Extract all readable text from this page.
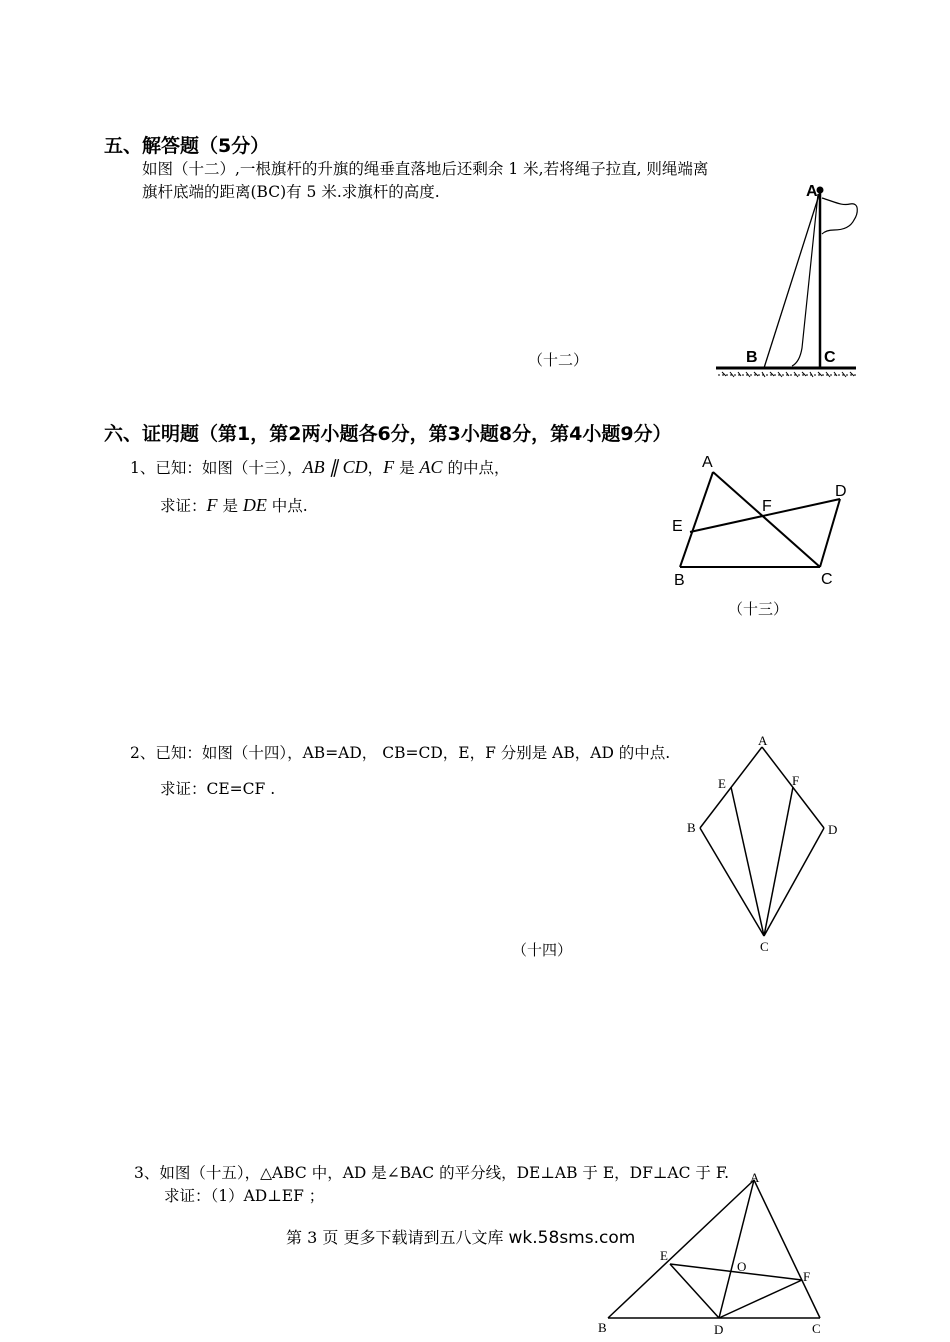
五、解答题（5分）
如图（十二）,一根旗杆的升旗的绳垂直落地后还剩余 1 米,若将绳子拉直, 则绳端离
旗杆底端的距离(BC)有 5 米.求旗杆的高度.
（十二）
A
B	C
六、证明题（第1，第2两小题各6分，第3小题8分，第4小题9分）
1、已知：如图（十三），AB ∥ CD，F 是 AC 的中点，
求证：F 是 DE 中点.
（十三）
A
B	C
D
E
F
2、已知：如图（十四），AB=AD， CB=CD，E，F 分别是 AB，AD 的中点.
求证：CE=CF .
（十四）
A
B
C
D
E	F
3、如图（十五），△ABC 中，AD 是∠BAC 的平分线，DE⊥AB 于 E，DF⊥AC 于 F.
求证：（1）AD⊥EF ；
A
B	C
D
E
F
O
第 3 页 更多下载请到五八文库 wk.58sms.com
